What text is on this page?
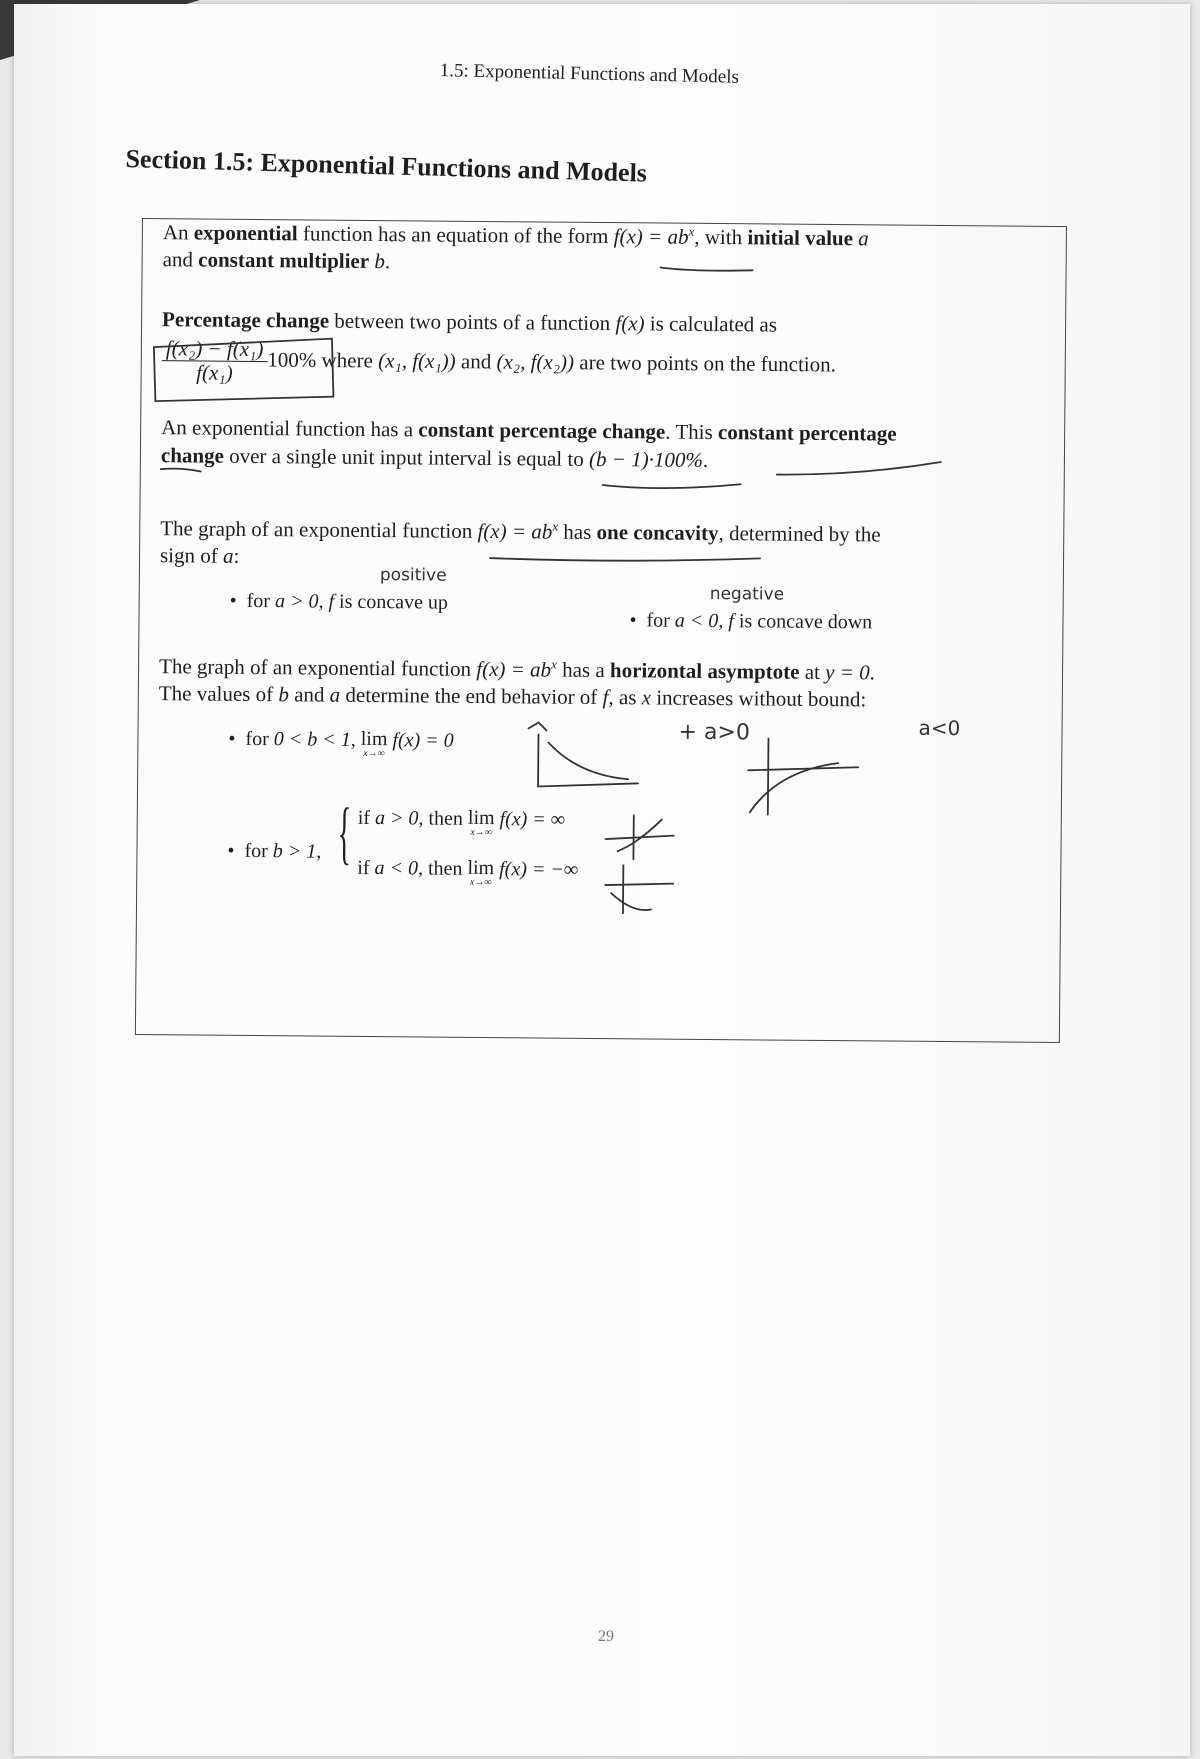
1.5: Exponential Functions and Models
Section 1.5: Exponential Functions and Models
An exponential function has an equation of the form $f(x) = ab^x$, with initial value a
and constant multiplier b.
Percentage change between two points of a function f(x) is calculated as
$\frac{\text{f(x₂) − f(x₁)}}{\text{f(x₁)}} 100\%$ where (x₁, f(x₁)) and (x₂, f(x₂)) are two points on the function.
An exponential function has a constant percentage change. This constant percentage
change over a single unit input interval is equal to (b − 1)·100%.
The graph of an exponential function $f(x) = ab^x$ has one concavity, determined by the
sign of a:
•  for a > 0, f is concave up
•  for a < 0, f is concave down
The graph of an exponential function $f(x) = ab^x$ has a horizontal asymptote at y = 0.
The values of b and a determine the end behavior of f, as x increases without bound:
•  for 0 < b < 1, lim
x→∞
f(x) = 0
•  for b > 1, { if a > 0, then lim
x→∞
f(x) = ∞
if a < 0, then lim
x→∞
f(x) = −∞
positive
negative
+ a>0	a<0
29
